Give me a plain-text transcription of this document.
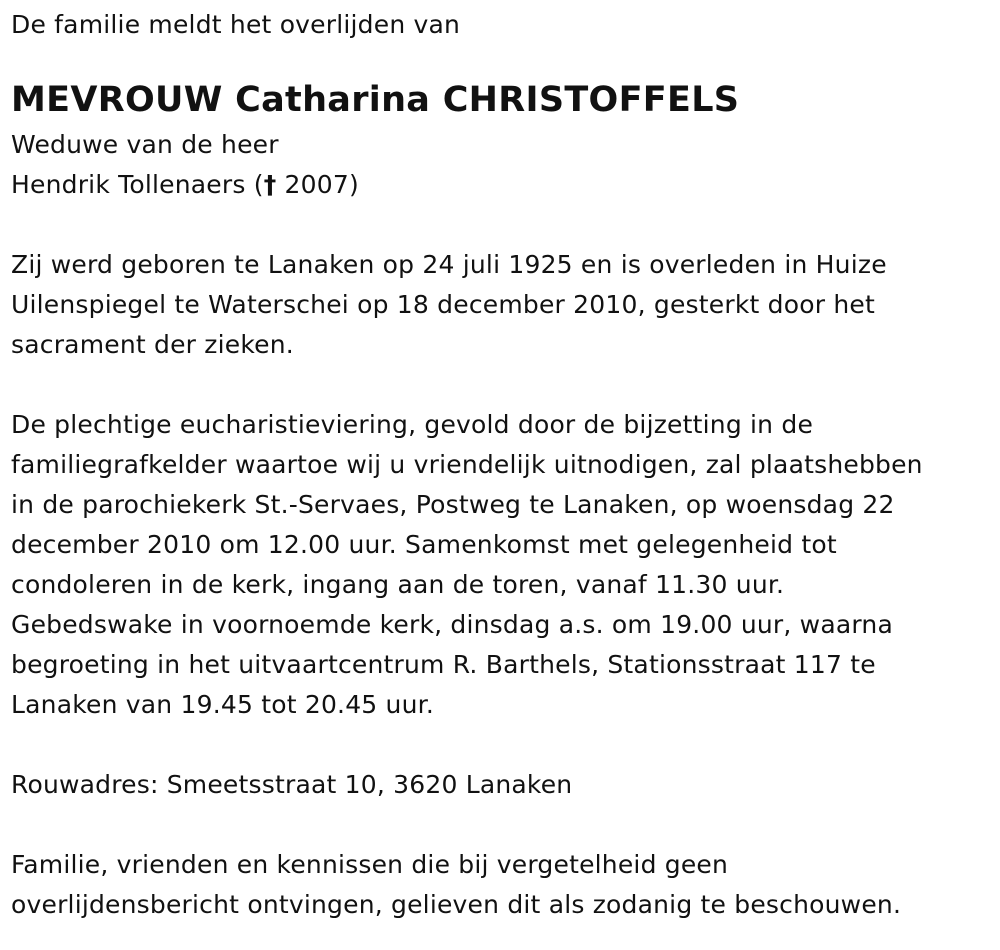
De familie meldt het overlijden van
MEVROUW Catharina CHRISTOFFELS
Weduwe van de heer
Hendrik Tollenaers († 2007)
Zij werd geboren te Lanaken op 24 juli 1925 en is overleden in Huize
Uilenspiegel te Waterschei op 18 december 2010, gesterkt door het
sacrament der zieken.
De plechtige eucharistieviering, gevold door de bijzetting in de
familiegrafkelder waartoe wij u vriendelijk uitnodigen, zal plaatshebben
in de parochiekerk St.-Servaes, Postweg te Lanaken, op woensdag 22
december 2010 om 12.00 uur. Samenkomst met gelegenheid tot
condoleren in de kerk, ingang aan de toren, vanaf 11.30 uur.
Gebedswake in voornoemde kerk, dinsdag a.s. om 19.00 uur, waarna
begroeting in het uitvaartcentrum R. Barthels, Stationsstraat 117 te
Lanaken van 19.45 tot 20.45 uur.
Rouwadres: Smeetsstraat 10, 3620 Lanaken
Familie, vrienden en kennissen die bij vergetelheid geen
overlijdensbericht ontvingen, gelieven dit als zodanig te beschouwen.
